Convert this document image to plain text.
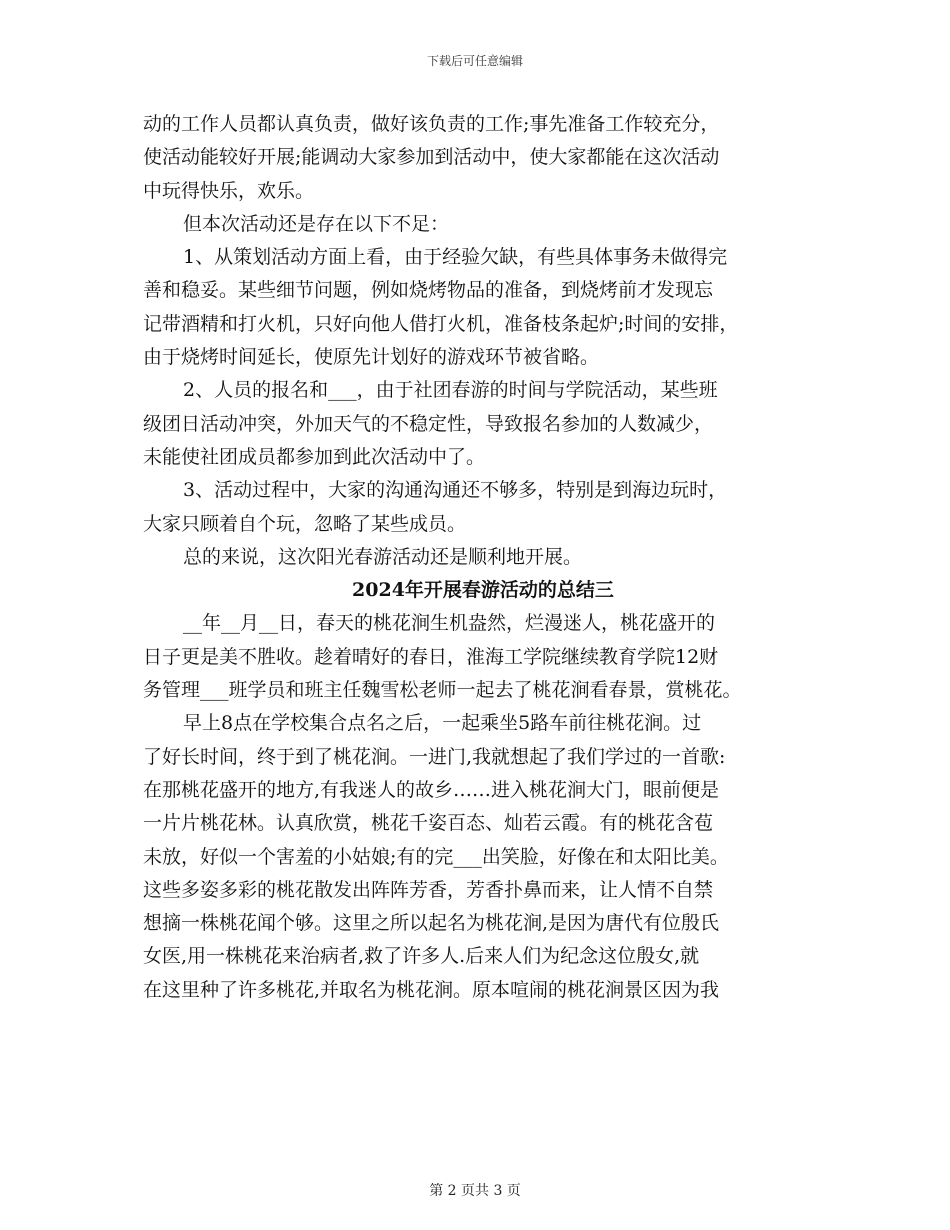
下载后可任意编辑
动的工作人员都认真负责，做好该负责的工作;事先准备工作较充分，
使活动能较好开展;能调动大家参加到活动中，使大家都能在这次活动
中玩得快乐，欢乐。
但本次活动还是存在以下不足：
1、从策划活动方面上看，由于经验欠缺，有些具体事务未做得完
善和稳妥。某些细节问题，例如烧烤物品的准备，到烧烤前才发现忘
记带酒精和打火机，只好向他人借打火机，准备枝条起炉;时间的安排，
由于烧烤时间延长，使原先计划好的游戏环节被省略。
2、人员的报名和___，由于社团春游的时间与学院活动，某些班
级团日活动冲突，外加天气的不稳定性，导致报名参加的人数减少，
未能使社团成员都参加到此次活动中了。
3、活动过程中，大家的沟通沟通还不够多，特别是到海边玩时，
大家只顾着自个玩，忽略了某些成员。
总的来说，这次阳光春游活动还是顺利地开展。
2024年开展春游活动的总结三
__年__月__日，春天的桃花涧生机盎然，烂漫迷人，桃花盛开的
日子更是美不胜收。趁着晴好的春日，淮海工学院继续教育学院12财
务管理___班学员和班主任魏雪松老师一起去了桃花涧看春景，赏桃花。
早上8点在学校集合点名之后，一起乘坐5路车前往桃花涧。过
了好长时间，终于到了桃花涧。一进门,我就想起了我们学过的一首歌:
在那桃花盛开的地方,有我迷人的故乡……进入桃花涧大门，眼前便是
一片片桃花林。认真欣赏，桃花千姿百态、灿若云霞。有的桃花含苞
未放，好似一个害羞的小姑娘;有的完___出笑脸，好像在和太阳比美。
这些多姿多彩的桃花散发出阵阵芳香，芳香扑鼻而来，让人情不自禁
想摘一株桃花闻个够。这里之所以起名为桃花涧,是因为唐代有位殷氏
女医,用一株桃花来治病者,救了许多人.后来人们为纪念这位殷女,就
在这里种了许多桃花,并取名为桃花涧。原本喧闹的桃花涧景区因为我
第 2 页共 3 页
